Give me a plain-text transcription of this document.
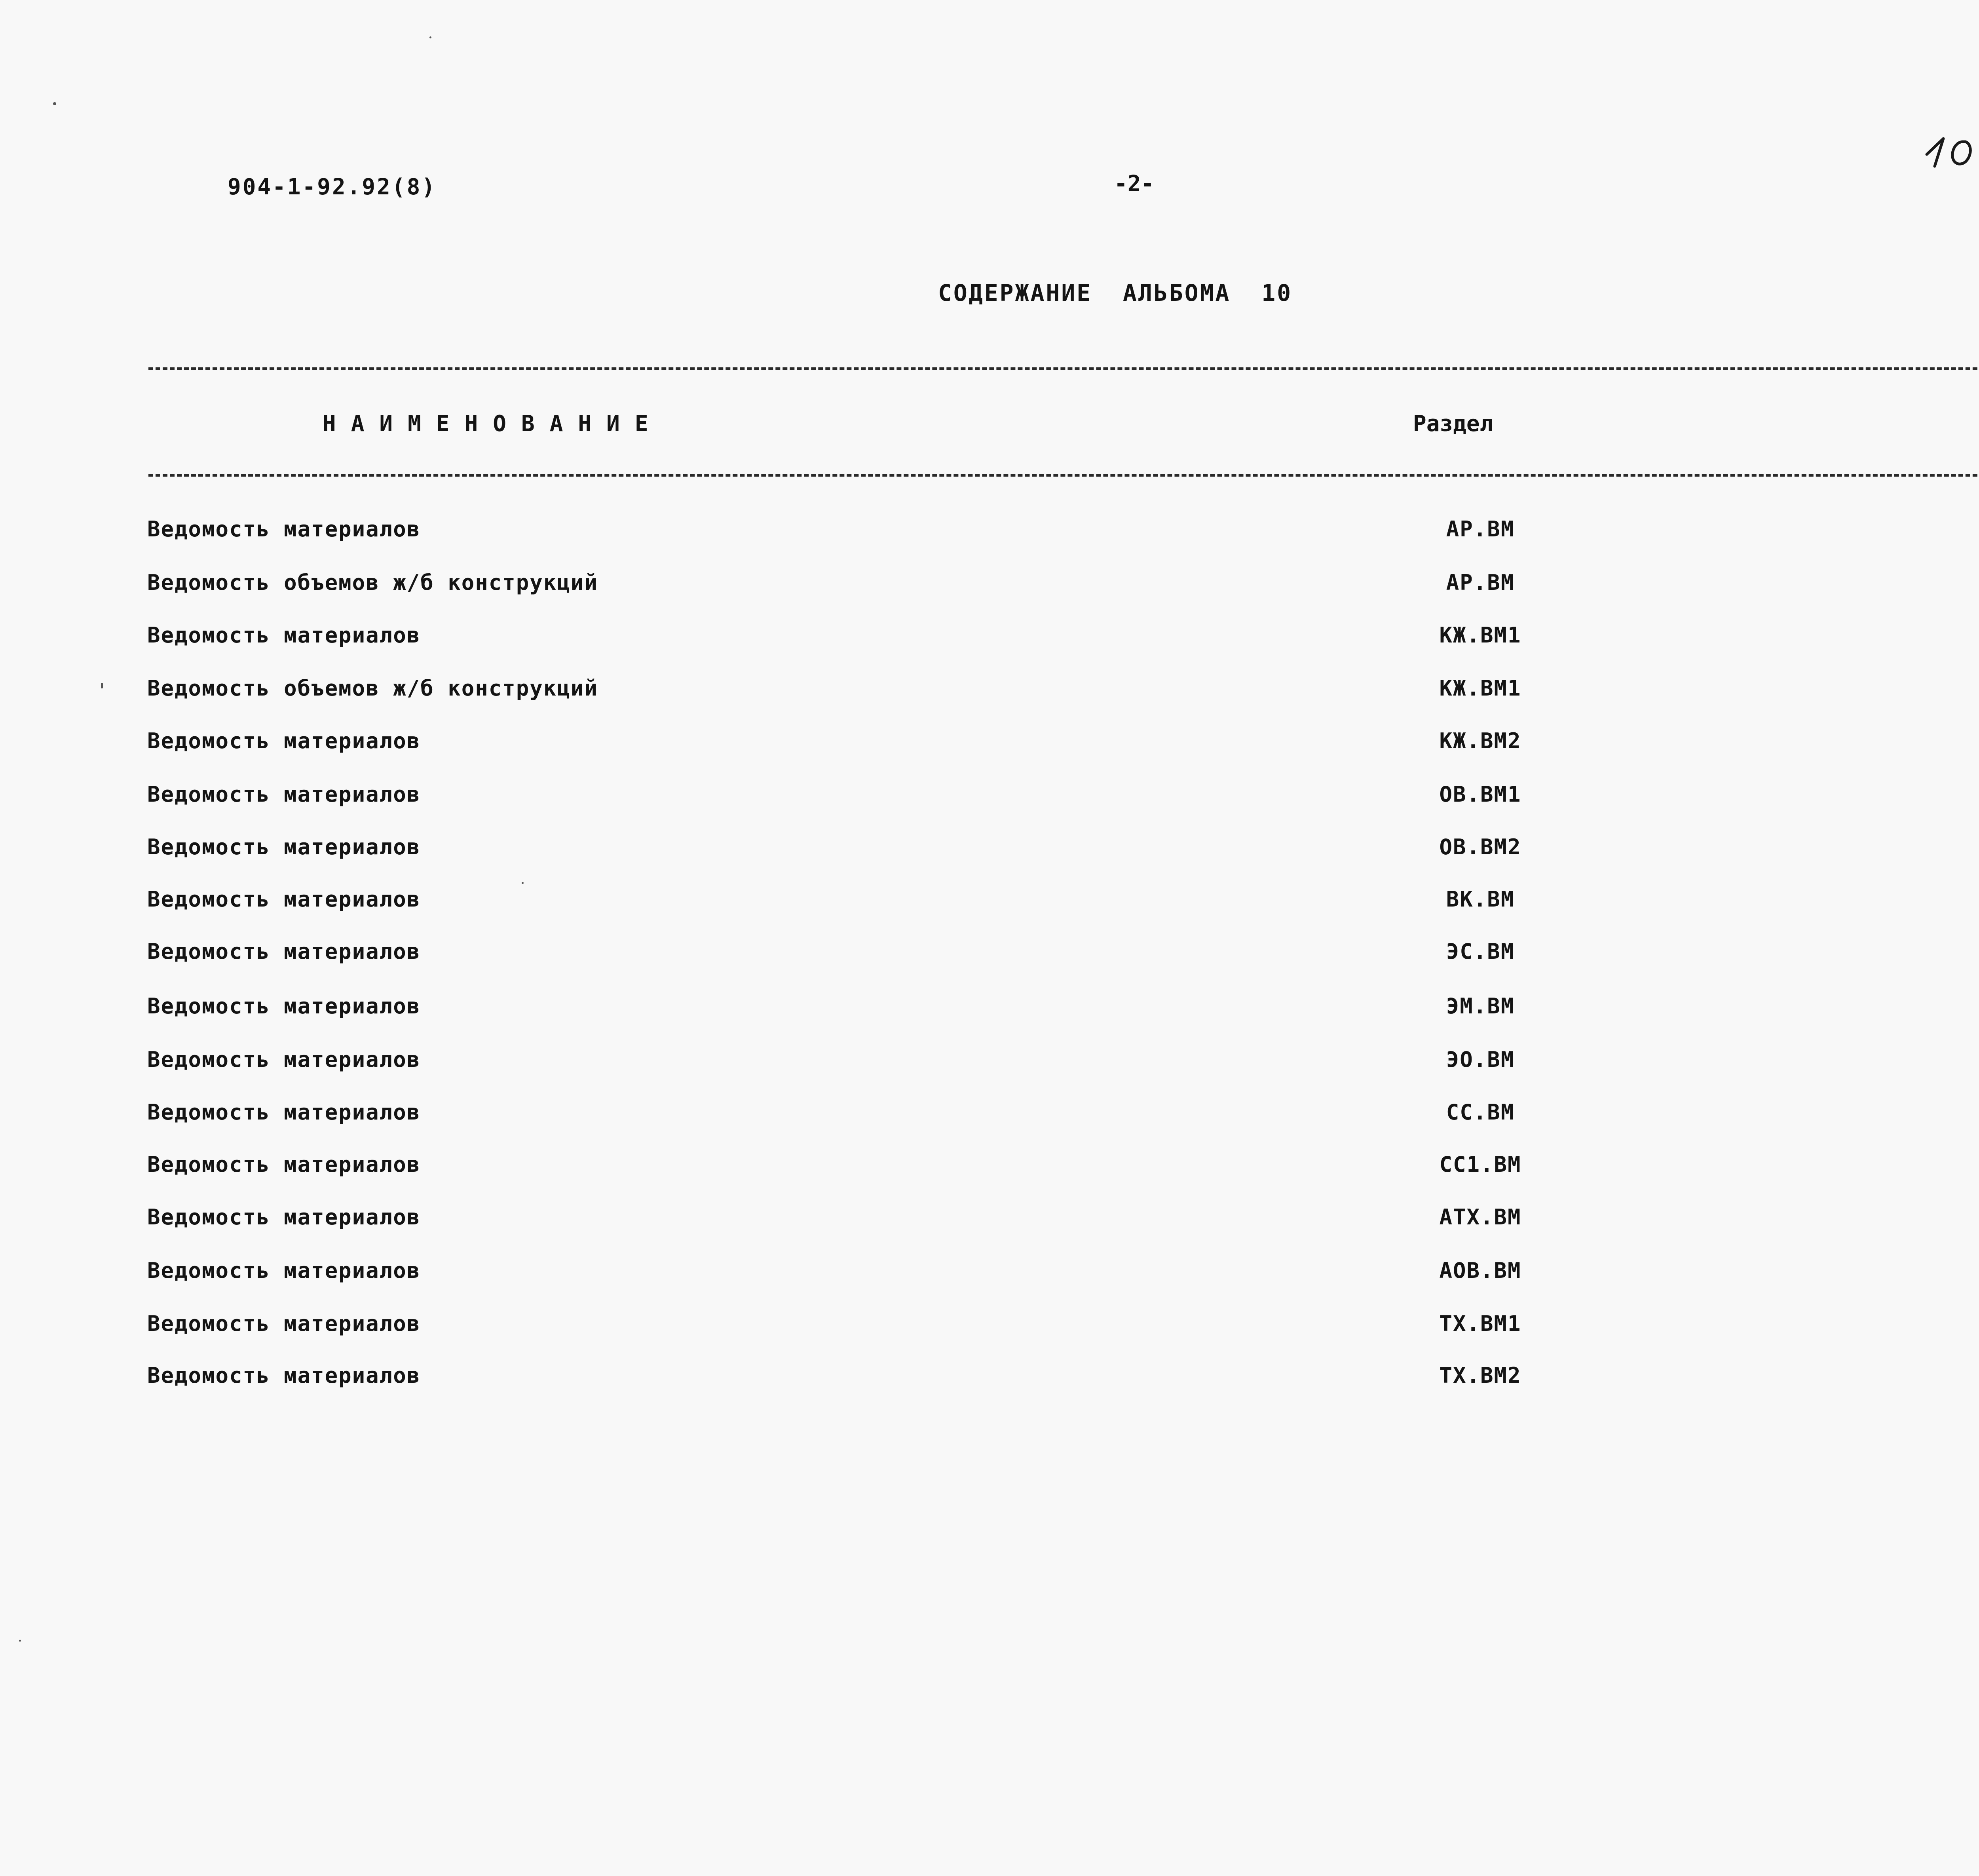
904-1-92.92(8)	-2-
СОДЕРЖАНИЕ  АЛЬБОМА  10
НАИМЕНОВАНИЕ	Раздел
Ведомость материалов	АР.ВМ
Ведомость объемов ж/б конструкций	АР.ВМ
Ведомость материалов	КЖ.ВМ1
Ведомость объемов ж/б конструкций	КЖ.ВМ1
Ведомость материалов	КЖ.ВМ2
Ведомость материалов	ОВ.ВМ1
Ведомость материалов	ОВ.ВМ2
Ведомость материалов	ВК.ВМ
Ведомость материалов	ЭС.ВМ
Ведомость материалов	ЭМ.ВМ
Ведомость материалов	ЭО.ВМ
Ведомость материалов	СС.ВМ
Ведомость материалов	СС1.ВМ
Ведомость материалов	АТХ.ВМ
Ведомость материалов	АОВ.ВМ
Ведомость материалов	ТХ.ВМ1
Ведомость материалов	ТХ.ВМ2
